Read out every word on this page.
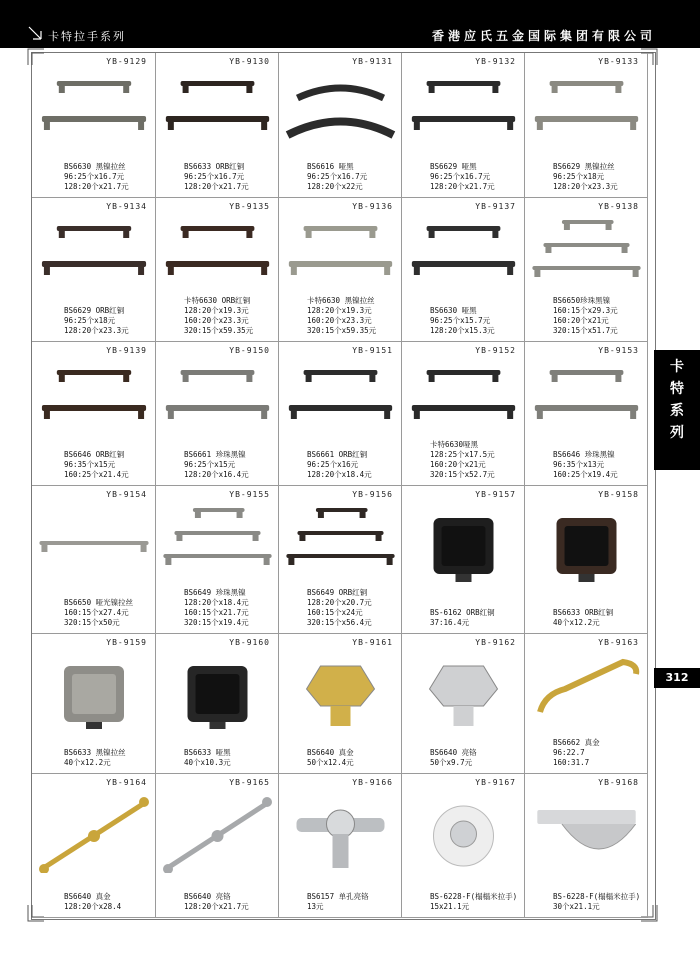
卡特拉手系列	香港应氏五金国际集团有限公司
YB-9129
BS6630 黑镍拉丝
96:25个x16.7元
128:20个x21.7元
YB-9130
BS6633 ORB红铜
96:25个x16.7元
128:20个x21.7元
YB-9131
BS6616 哑黑
96:25个x16.7元
128:20个x22元
YB-9132
BS6629 哑黑
96:25个x16.7元
128:20个x21.7元
YB-9133
BS6629 黑镍拉丝
96:25个x18元
128:20个x23.3元
YB-9134
BS6629 ORB红铜
96:25个x18元
128:20个x23.3元
YB-9135
卡特6630 ORB红铜
128:20个x19.3元
160:20个x23.3元
320:15个x59.35元
YB-9136
卡特6630 黑镍拉丝
128:20个x19.3元
160:20个x23.3元
320:15个x59.35元
YB-9137
BS6630 哑黑
96:25个x15.7元
128:20个x15.3元
YB-9138
BS6650珍珠黑镍
160:15个x29.3元
160:20个x21元
320:15个x51.7元
YB-9139
BS6646 ORB红铜
96:35个x15元
160:25个x21.4元
YB-9150
BS6661 珍珠黑镍
96:25个x15元
128:20个x16.4元
YB-9151
BS6661 ORB红铜
96:25个x16元
128:20个x18.4元
YB-9152
卡特6630哑黑
128:25个x17.5元
160:20个x21元
320:15个x52.7元
YB-9153
BS6646 珍珠黑镍
96:35个x13元
160:25个x19.4元
YB-9154
BS6650 哑光镍拉丝
160:15个x27.4元
320:15个x50元
YB-9155
BS6649 珍珠黑镍
128:20个x18.4元
160:15个x21.7元
320:15个x19.4元
YB-9156
BS6649 ORB红铜
128:20个x20.7元
160:15个x24元
320:15个x56.4元
YB-9157
BS-6162 ORB红铜
37:16.4元
YB-9158
BS6633 ORB红铜
40个x12.2元
YB-9159
BS6633 黑镍拉丝
40个x12.2元
YB-9160
BS6633 哑黑
40个x10.3元
YB-9161
BS6640 真金
50个x12.4元
YB-9162
BS6640 亮铬
50个x9.7元
YB-9163
BS6662 真金
96:22.7
160:31.7
YB-9164
BS6640 真金
128:20个x28.4
YB-9165
BS6640 亮铬
128:20个x21.7元
YB-9166
BS6157 单孔亮铬
13元
YB-9167
BS-6228-F(榻榻米拉手)
15x21.1元
YB-9168
BS-6228-F(榻榻米拉手)
30个x21.1元
卡
特
系
列
312
